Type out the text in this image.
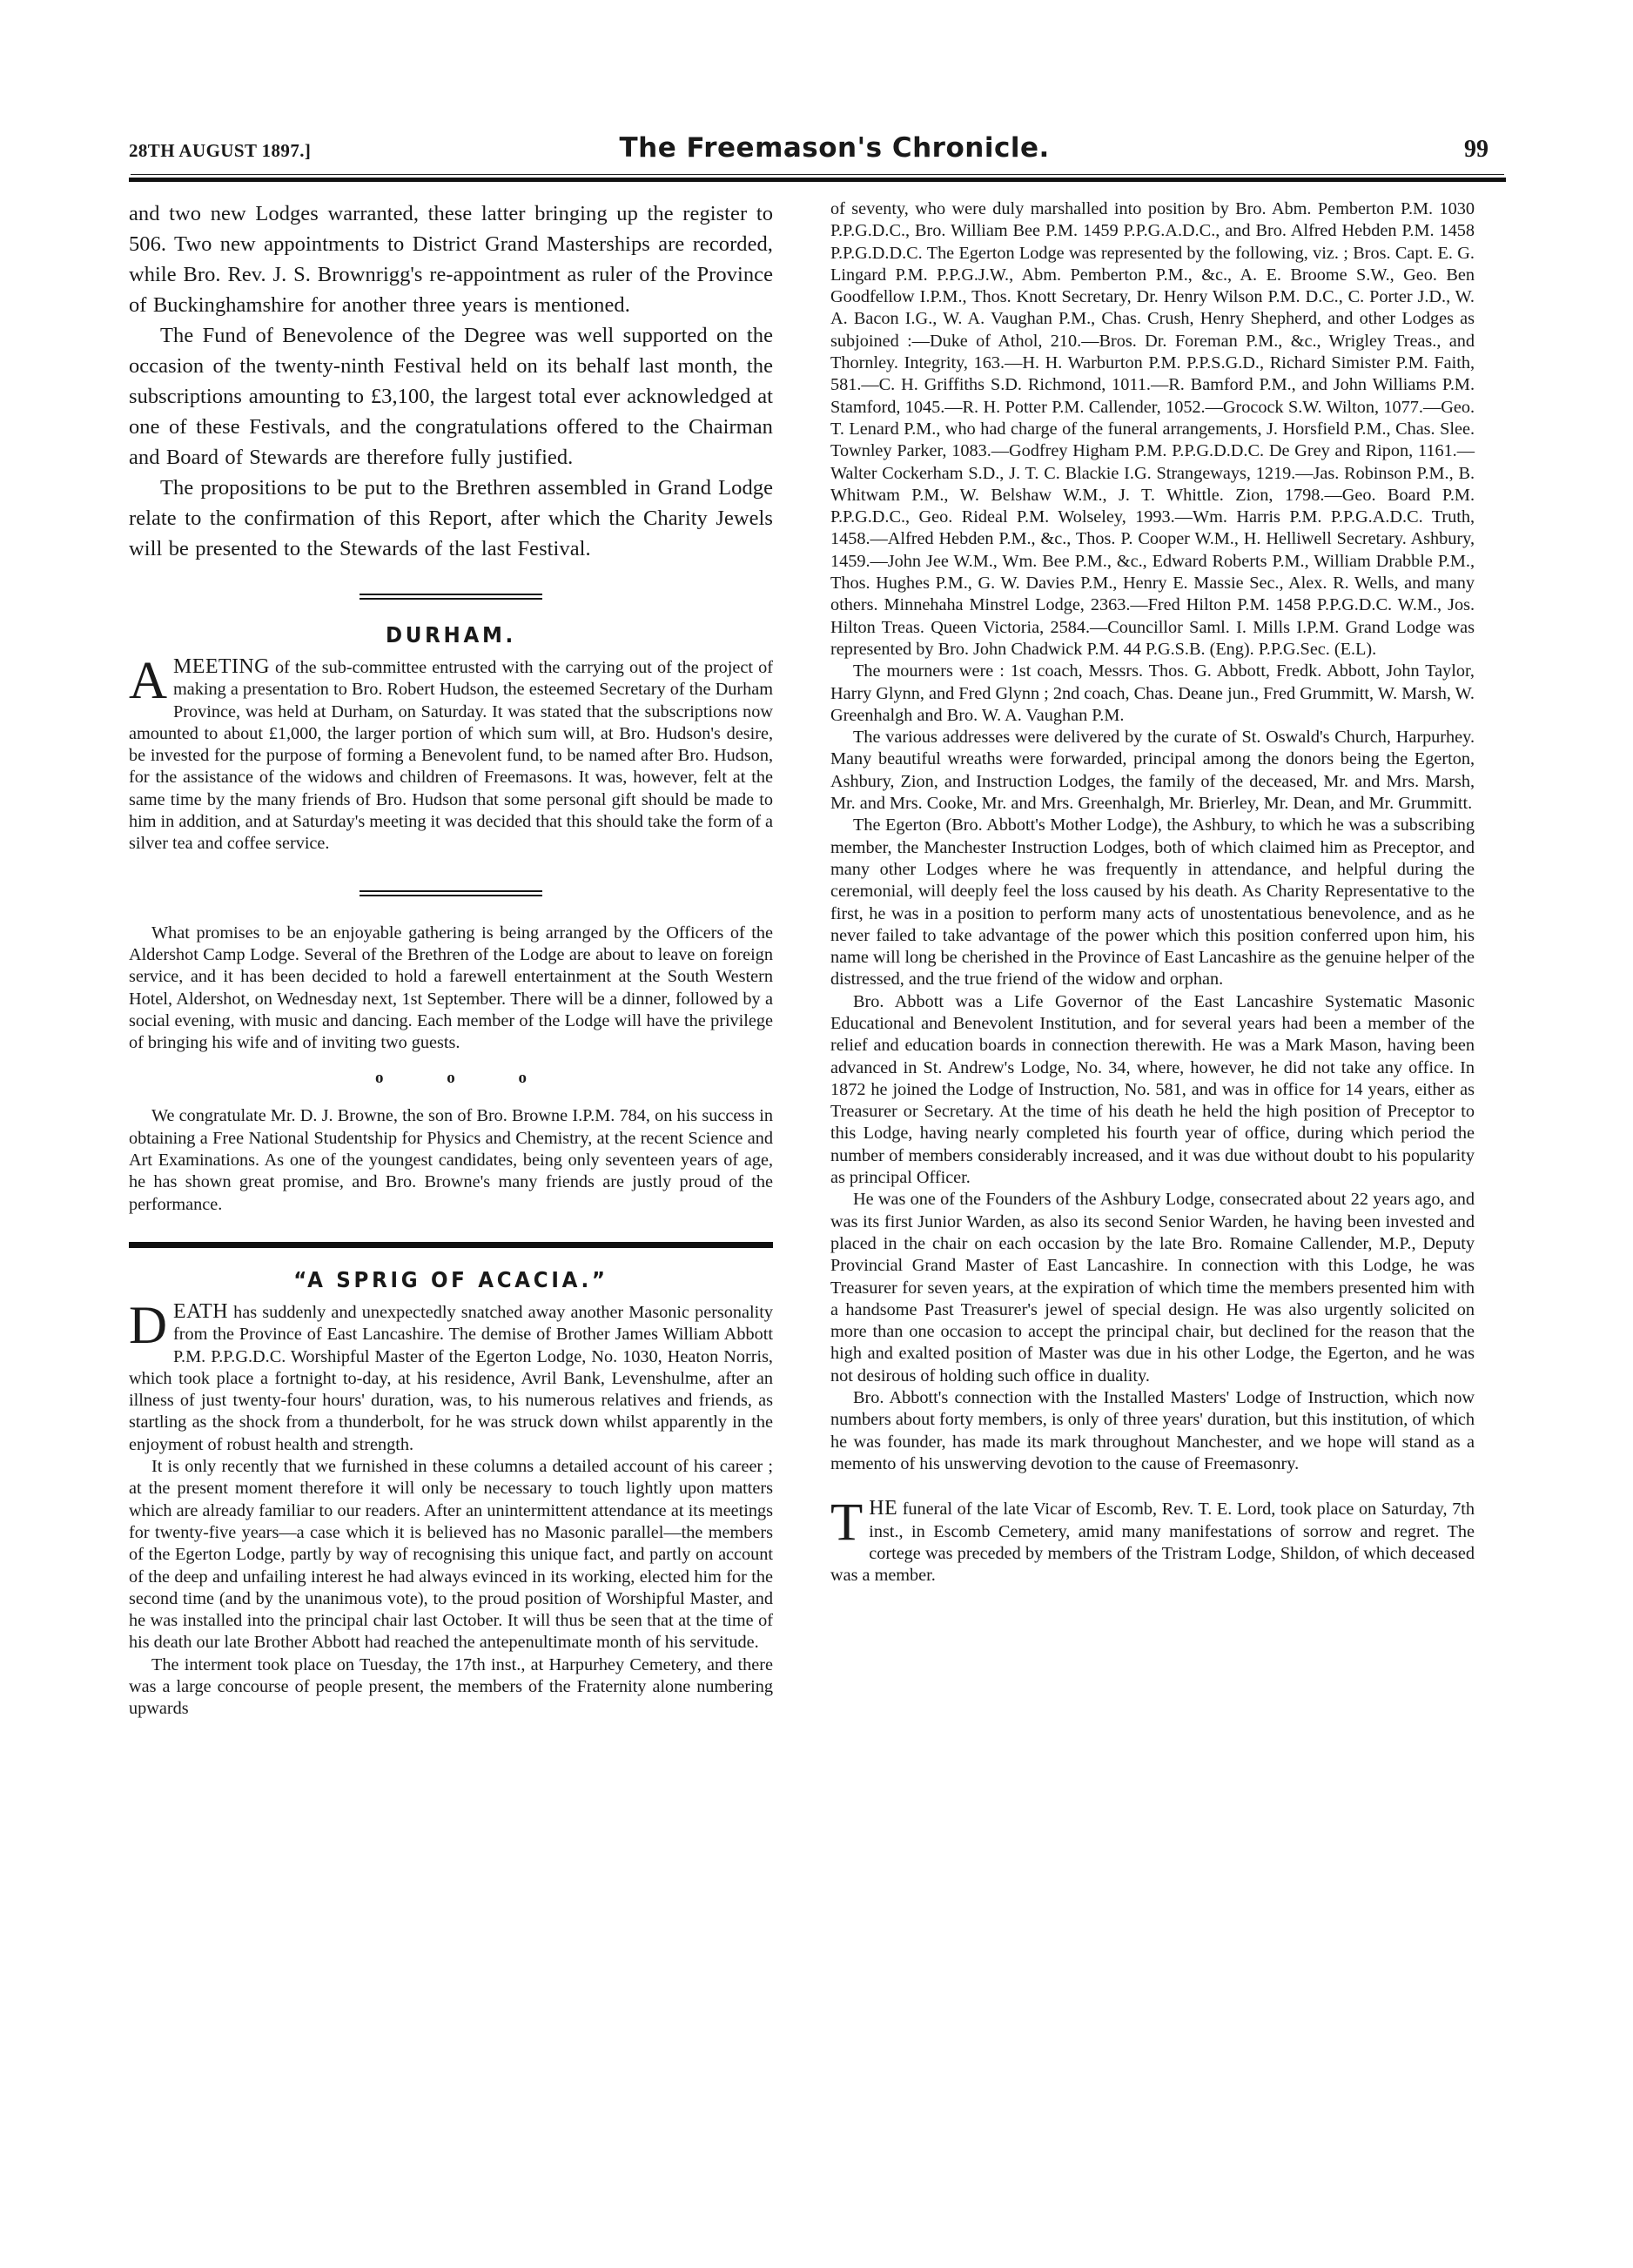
28TH AUGUST 1897.]	The Freemason's Chronicle.	99

and two new Lodges warranted, these latter bringing up the register to 506. Two new appointments to District Grand Masterships are recorded, while Bro. Rev. J. S. Brownrigg's re-appointment as ruler of the Province of Buckinghamshire for another three years is mentioned.

The Fund of Benevolence of the Degree was well supported on the occasion of the twenty-ninth Festival held on its behalf last month, the subscriptions amounting to £3,100, the largest total ever acknowledged at one of these Festivals, and the congratulations offered to the Chairman and Board of Stewards are therefore fully justified.

The propositions to be put to the Brethren assembled in Grand Lodge relate to the confirmation of this Report, after which the Charity Jewels will be presented to the Stewards of the last Festival.

DURHAM.

AMEETING of the sub-committee entrusted with the carrying out of the project of making a presentation to Bro. Robert Hudson, the esteemed Secretary of the Durham Province, was held at Durham, on Saturday. It was stated that the subscriptions now amounted to about £1,000, the larger portion of which sum will, at Bro. Hudson's desire, be invested for the purpose of forming a Benevolent fund, to be named after Bro. Hudson, for the assistance of the widows and children of Freemasons. It was, however, felt at the same time by the many friends of Bro. Hudson that some personal gift should be made to him in addition, and at Saturday's meeting it was decided that this should take the form of a silver tea and coffee service.

What promises to be an enjoyable gathering is being arranged by the Officers of the Aldershot Camp Lodge. Several of the Brethren of the Lodge are about to leave on foreign service, and it has been decided to hold a farewell entertainment at the South Western Hotel, Aldershot, on Wednesday next, 1st September. There will be a dinner, followed by a social evening, with music and dancing. Each member of the Lodge will have the privilege of bringing his wife and of inviting two guests.

o o o

We congratulate Mr. D. J. Browne, the son of Bro. Browne I.P.M. 784, on his success in obtaining a Free National Studentship for Physics and Chemistry, at the recent Science and Art Examinations. As one of the youngest candidates, being only seventeen years of age, he has shown great promise, and Bro. Browne's many friends are justly proud of the performance.

“A SPRIG OF ACACIA.”

DEATH has suddenly and unexpectedly snatched away another Masonic personality from the Province of East Lancashire. The demise of Brother James William Abbott P.M. P.P.G.D.C. Worshipful Master of the Egerton Lodge, No. 1030, Heaton Norris, which took place a fortnight to-day, at his residence, Avril Bank, Levenshulme, after an illness of just twenty-four hours' duration, was, to his numerous relatives and friends, as startling as the shock from a thunderbolt, for he was struck down whilst apparently in the enjoyment of robust health and strength.

It is only recently that we furnished in these columns a detailed account of his career ; at the present moment therefore it will only be necessary to touch lightly upon matters which are already familiar to our readers. After an unintermittent attendance at its meetings for twenty-five years—a case which it is believed has no Masonic parallel—the members of the Egerton Lodge, partly by way of recognising this unique fact, and partly on account of the deep and unfailing interest he had always evinced in its working, elected him for the second time (and by the unanimous vote), to the proud position of Worshipful Master, and he was installed into the principal chair last October. It will thus be seen that at the time of his death our late Brother Abbott had reached the antepenultimate month of his servitude.

The interment took place on Tuesday, the 17th inst., at Harpurhey Cemetery, and there was a large concourse of people present, the members of the Fraternity alone numbering upwards

of seventy, who were duly marshalled into position by Bro. Abm. Pemberton P.M. 1030 P.P.G.D.C., Bro. William Bee P.M. 1459 P.P.G.A.D.C., and Bro. Alfred Hebden P.M. 1458 P.P.G.D.D.C. The Egerton Lodge was represented by the following, viz. ; Bros. Capt. E. G. Lingard P.M. P.P.G.J.W., Abm. Pemberton P.M., &c., A. E. Broome S.W., Geo. Ben Goodfellow I.P.M., Thos. Knott Secretary, Dr. Henry Wilson P.M. D.C., C. Porter J.D., W. A. Bacon I.G., W. A. Vaughan P.M., Chas. Crush, Henry Shepherd, and other Lodges as subjoined :—Duke of Athol, 210.—Bros. Dr. Foreman P.M., &c., Wrigley Treas., and Thornley. Integrity, 163.—H. H. Warburton P.M. P.P.S.G.D., Richard Simister P.M. Faith, 581.—C. H. Griffiths S.D. Richmond, 1011.—R. Bamford P.M., and John Williams P.M. Stamford, 1045.—R. H. Potter P.M. Callender, 1052.—Grocock S.W. Wilton, 1077.—Geo. T. Lenard P.M., who had charge of the funeral arrangements, J. Horsfield P.M., Chas. Slee. Townley Parker, 1083.—Godfrey Higham P.M. P.P.G.D.D.C. De Grey and Ripon, 1161.—Walter Cockerham S.D., J. T. C. Blackie I.G. Strangeways, 1219.—Jas. Robinson P.M., B. Whitwam P.M., W. Belshaw W.M., J. T. Whittle. Zion, 1798.—Geo. Board P.M. P.P.G.D.C., Geo. Rideal P.M. Wolseley, 1993.—Wm. Harris P.M. P.P.G.A.D.C. Truth, 1458.—Alfred Hebden P.M., &c., Thos. P. Cooper W.M., H. Helliwell Secretary. Ashbury, 1459.—John Jee W.M., Wm. Bee P.M., &c., Edward Roberts P.M., William Drabble P.M., Thos. Hughes P.M., G. W. Davies P.M., Henry E. Massie Sec., Alex. R. Wells, and many others. Minnehaha Minstrel Lodge, 2363.—Fred Hilton P.M. 1458 P.P.G.D.C. W.M., Jos. Hilton Treas. Queen Victoria, 2584.—Councillor Saml. I. Mills I.P.M. Grand Lodge was represented by Bro. John Chadwick P.M. 44 P.G.S.B. (Eng). P.P.G.Sec. (E.L).

The mourners were : 1st coach, Messrs. Thos. G. Abbott, Fredk. Abbott, John Taylor, Harry Glynn, and Fred Glynn ; 2nd coach, Chas. Deane jun., Fred Grummitt, W. Marsh, W. Greenhalgh and Bro. W. A. Vaughan P.M.

The various addresses were delivered by the curate of St. Oswald's Church, Harpurhey. Many beautiful wreaths were forwarded, principal among the donors being the Egerton, Ashbury, Zion, and Instruction Lodges, the family of the deceased, Mr. and Mrs. Marsh, Mr. and Mrs. Cooke, Mr. and Mrs. Greenhalgh, Mr. Brierley, Mr. Dean, and Mr. Grummitt.

The Egerton (Bro. Abbott's Mother Lodge), the Ashbury, to which he was a subscribing member, the Manchester Instruction Lodges, both of which claimed him as Preceptor, and many other Lodges where he was frequently in attendance, and helpful during the ceremonial, will deeply feel the loss caused by his death. As Charity Representative to the first, he was in a position to perform many acts of unostentatious benevolence, and as he never failed to take advantage of the power which this position conferred upon him, his name will long be cherished in the Province of East Lancashire as the genuine helper of the distressed, and the true friend of the widow and orphan.

Bro. Abbott was a Life Governor of the East Lancashire Systematic Masonic Educational and Benevolent Institution, and for several years had been a member of the relief and education boards in connection therewith. He was a Mark Mason, having been advanced in St. Andrew's Lodge, No. 34, where, however, he did not take any office. In 1872 he joined the Lodge of Instruction, No. 581, and was in office for 14 years, either as Treasurer or Secretary. At the time of his death he held the high position of Preceptor to this Lodge, having nearly completed his fourth year of office, during which period the number of members considerably increased, and it was due without doubt to his popularity as principal Officer.

He was one of the Founders of the Ashbury Lodge, consecrated about 22 years ago, and was its first Junior Warden, as also its second Senior Warden, he having been invested and placed in the chair on each occasion by the late Bro. Romaine Callender, M.P., Deputy Provincial Grand Master of East Lancashire. In connection with this Lodge, he was Treasurer for seven years, at the expiration of which time the members presented him with a handsome Past Treasurer's jewel of special design. He was also urgently solicited on more than one occasion to accept the principal chair, but declined for the reason that the high and exalted position of Master was due in his other Lodge, the Egerton, and he was not desirous of holding such office in duality.

Bro. Abbott's connection with the Installed Masters' Lodge of Instruction, which now numbers about forty members, is only of three years' duration, but this institution, of which he was founder, has made its mark throughout Manchester, and we hope will stand as a memento of his unswerving devotion to the cause of Freemasonry.

THE funeral of the late Vicar of Escomb, Rev. T. E. Lord, took place on Saturday, 7th inst., in Escomb Cemetery, amid many manifestations of sorrow and regret. The cortege was preceded by members of the Tristram Lodge, Shildon, of which deceased was a member.
